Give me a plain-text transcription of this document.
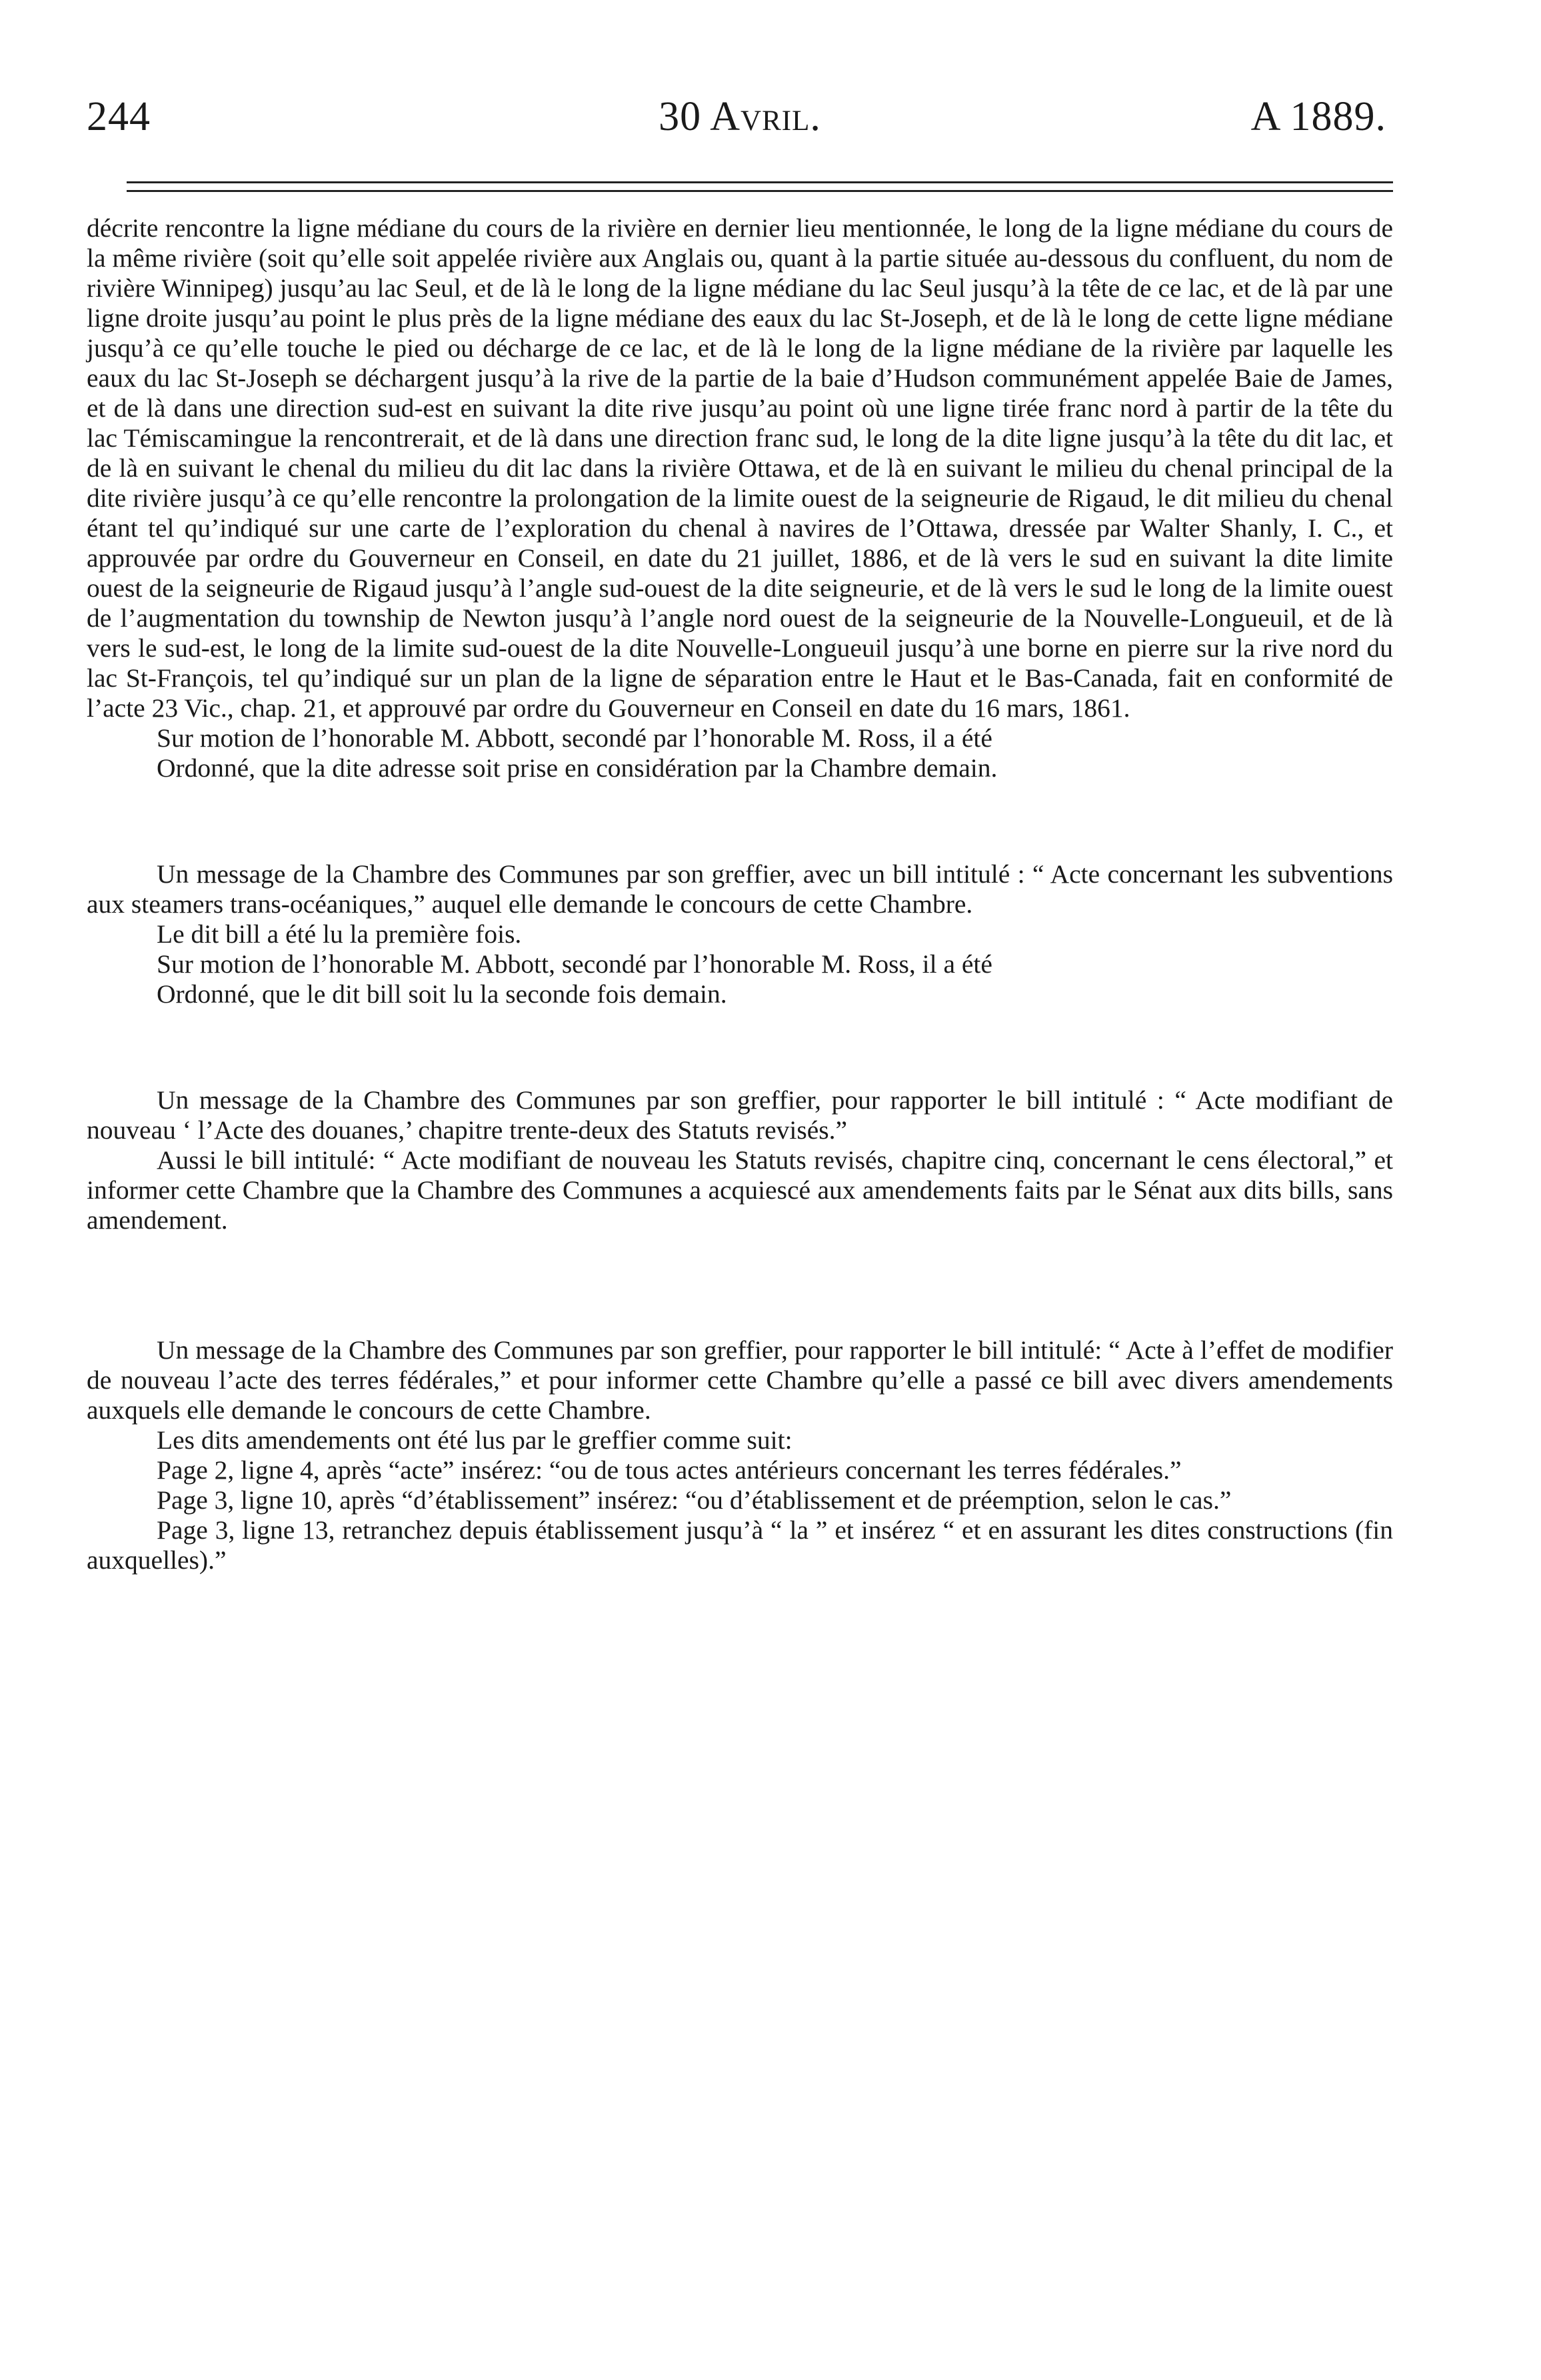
244	30 Avril.	A 1889.

décrite rencontre la ligne médiane du cours de la rivière en dernier lieu mentionnée, le long de la ligne médiane du cours de la même rivière (soit qu’elle soit appelée rivière aux Anglais ou, quant à la partie située au-dessous du confluent, du nom de rivière Winnipeg) jusqu’au lac Seul, et de là le long de la ligne médiane du lac Seul jusqu’à la tête de ce lac, et de là par une ligne droite jusqu’au point le plus près de la ligne médiane des eaux du lac St-Joseph, et de là le long de cette ligne médiane jusqu’à ce qu’elle touche le pied ou décharge de ce lac, et de là le long de la ligne médiane de la rivière par laquelle les eaux du lac St-Joseph se déchargent jusqu’à la rive de la partie de la baie d’Hudson communément appelée Baie de James, et de là dans une direction sud-est en suivant la dite rive jusqu’au point où une ligne tirée franc nord à partir de la tête du lac Témiscamingue la rencontrerait, et de là dans une direction franc sud, le long de la dite ligne jusqu’à la tête du dit lac, et de là en suivant le chenal du milieu du dit lac dans la rivière Ottawa, et de là en suivant le milieu du chenal principal de la dite rivière jusqu’à ce qu’elle rencontre la prolongation de la limite ouest de la seigneurie de Rigaud, le dit milieu du chenal étant tel qu’indiqué sur une carte de l’exploration du chenal à navires de l’Ottawa, dressée par Walter Shanly, I. C., et approuvée par ordre du Gouverneur en Conseil, en date du 21 juillet, 1886, et de là vers le sud en suivant la dite limite ouest de la seigneurie de Rigaud jusqu’à l’angle sud-ouest de la dite seigneurie, et de là vers le sud le long de la limite ouest de l’augmentation du township de Newton jusqu’à l’angle nord ouest de la seigneurie de la Nouvelle-Longueuil, et de là vers le sud-est, le long de la limite sud-ouest de la dite Nouvelle-Longueuil jusqu’à une borne en pierre sur la rive nord du lac St-François, tel qu’indiqué sur un plan de la ligne de séparation entre le Haut et le Bas-Canada, fait en conformité de l’acte 23 Vic., chap. 21, et approuvé par ordre du Gouverneur en Conseil en date du 16 mars, 1861.

Sur motion de l’honorable M. Abbott, secondé par l’honorable M. Ross, il a été

Ordonné, que la dite adresse soit prise en considération par la Chambre demain.

Un message de la Chambre des Communes par son greffier, avec un bill intitulé : “ Acte concernant les subventions aux steamers trans-océaniques,” auquel elle demande le concours de cette Chambre.

Le dit bill a été lu la première fois.

Sur motion de l’honorable M. Abbott, secondé par l’honorable M. Ross, il a été

Ordonné, que le dit bill soit lu la seconde fois demain.

Un message de la Chambre des Communes par son greffier, pour rapporter le bill intitulé : “ Acte modifiant de nouveau ‘ l’Acte des douanes,’ chapitre trente-deux des Statuts revisés.”

Aussi le bill intitulé: “ Acte modifiant de nouveau les Statuts revisés, chapitre cinq, concernant le cens électoral,” et informer cette Chambre que la Chambre des Communes a acquiescé aux amendements faits par le Sénat aux dits bills, sans amendement.

Un message de la Chambre des Communes par son greffier, pour rapporter le bill intitulé: “ Acte à l’effet de modifier de nouveau l’acte des terres fédérales,” et pour informer cette Chambre qu’elle a passé ce bill avec divers amendements auxquels elle demande le concours de cette Chambre.

Les dits amendements ont été lus par le greffier comme suit:

Page 2, ligne 4, après “acte” insérez: “ou de tous actes antérieurs concernant les terres fédérales.”

Page 3, ligne 10, après “d’établissement” insérez: “ou d’établissement et de préemption, selon le cas.”

Page 3, ligne 13, retranchez depuis établissement jusqu’à “ la ” et insérez “ et en assurant les dites constructions (fin auxquelles).”
